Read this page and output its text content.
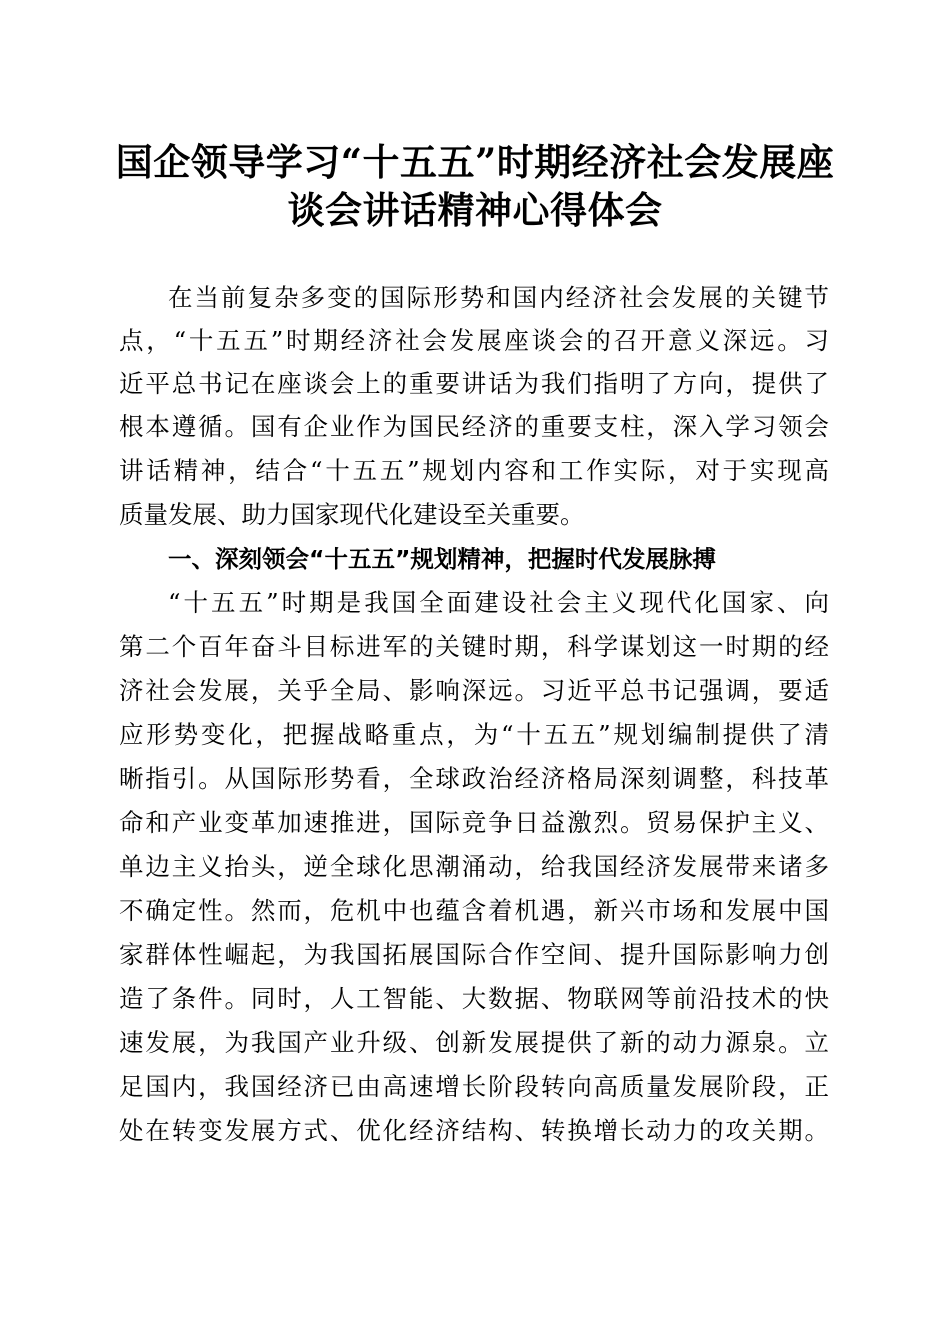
国企领导学习“十五五”时期经济社会发展座
谈会讲话精神心得体会
在当前复杂多变的国际形势和国内经济社会发展的关键节
点，“十五五”时期经济社会发展座谈会的召开意义深远。习
近平总书记在座谈会上的重要讲话为我们指明了方向，提供了
根本遵循。国有企业作为国民经济的重要支柱，深入学习领会
讲话精神，结合“十五五”规划内容和工作实际，对于实现高
质量发展、助力国家现代化建设至关重要。
一、深刻领会“十五五”规划精神，把握时代发展脉搏
“十五五”时期是我国全面建设社会主义现代化国家、向
第二个百年奋斗目标进军的关键时期，科学谋划这一时期的经
济社会发展，关乎全局、影响深远。习近平总书记强调，要适
应形势变化，把握战略重点，为“十五五”规划编制提供了清
晰指引。从国际形势看，全球政治经济格局深刻调整，科技革
命和产业变革加速推进，国际竞争日益激烈。贸易保护主义、
单边主义抬头，逆全球化思潮涌动，给我国经济发展带来诸多
不确定性。然而，危机中也蕴含着机遇，新兴市场和发展中国
家群体性崛起，为我国拓展国际合作空间、提升国际影响力创
造了条件。同时，人工智能、大数据、物联网等前沿技术的快
速发展，为我国产业升级、创新发展提供了新的动力源泉。立
足国内，我国经济已由高速增长阶段转向高质量发展阶段，正
处在转变发展方式、优化经济结构、转换增长动力的攻关期。
